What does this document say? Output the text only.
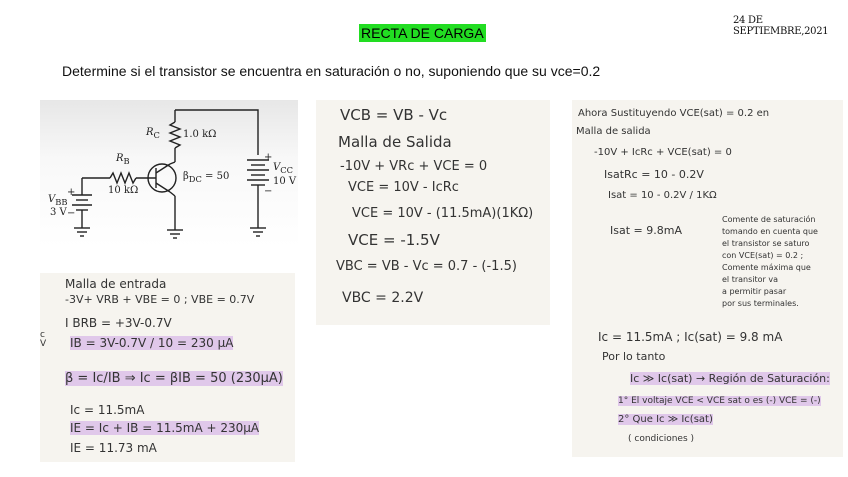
RECTA DE CARGA
24 DE SEPTIEMBRE,2021
Determine si el transistor se encuentra en saturación o no, suponiendo que su vce=0.2
$R_C$ 1.0 kΩ
$R_B$
10 kΩ
$\beta_{DC} = 50$
$V_{BB}$
3 V
+
−
$V_{CC}$
10 V
+
−
Malla de entrada
-3V+ VRB + VBE = 0 ; VBE = 0.7V
I BRB = +3V-0.7V
IB = 3V-0.7V / 10 = 230 μA
β = Ic/IB ⇒ Ic = βIB = 50 (230μA)
Ic = 11.5mA
IE = Ic + IB = 11.5mA + 230μA
IE = 11.73 mA
c
V
VCB = VB - Vc
Malla de Salida
-10V + VRc + VCE = 0
VCE = 10V - IcRc
VCE = 10V - (11.5mA)(1KΩ)
VCE = -1.5V
VBC = VB - Vc = 0.7 - (-1.5)
VBC = 2.2V
Ahora Sustituyendo VCE(sat) = 0.2 en
Malla de salida
-10V + IcRc + VCE(sat) = 0
IsatRc = 10 - 0.2V
Isat = 10 - 0.2V / 1KΩ
Isat = 9.8mA
Comente de saturación
tomando en cuenta que
el transistor se saturo
con VCE(sat) = 0.2 ;
Comente máxima que
el transitor va
a permitir pasar
por sus terminales.
Ic = 11.5mA ; Ic(sat) = 9.8 mA
Por lo tanto
Ic ≫ Ic(sat) → Región de Saturación:
1° El voltaje VCE < VCE sat o es (-) VCE = (-)
2° Que Ic ≫ Ic(sat)
( condiciones )
